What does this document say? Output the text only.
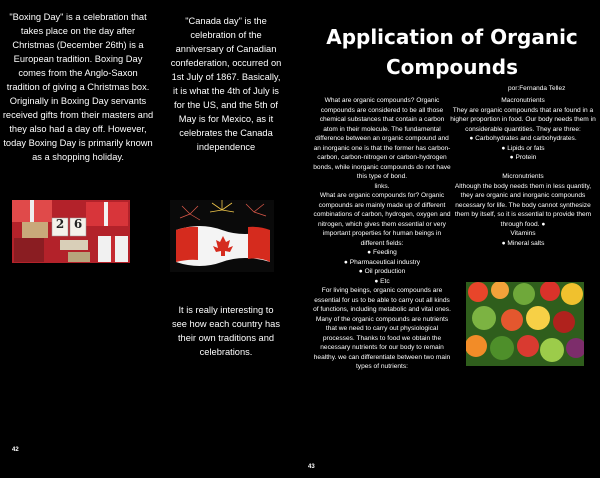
"Boxing Day" is a celebration that takes place on the day after Christmas (December 26th) is a European tradition. Boxing Day comes from the Anglo-Saxon tradition of giving a Christmas box. Originally in Boxing Day servants received gifts from their masters and they also had a day off. However, today Boxing Day is primarily known as a shopping holiday.
2 6
"Canada day" is the celebration of the anniversary of Canadian confederation, occurred on 1st July of 1867. Basically, it is what the 4th of July is for the US, and the 5th of May is for Mexico, as it celebrates the Canada independence
It is really interesting to see how each country has their own traditions and celebrations.
42
Application of Organic Compounds
por:Fernanda Tellez

What are organic compounds? Organic compounds are considered to be all those chemical substances that contain a carbon atom in their molecule. The fundamental difference between an organic compound and an inorganic one is that the former has carbon-carbon, carbon-nitrogen or carbon-hydrogen bonds, while inorganic compounds do not have this type of bond.

links.

What are organic compounds for? Organic compounds are mainly made up of different combinations of carbon, hydrogen, oxygen and nitrogen, which gives them essential or very important properties for human beings in different fields:

● Feeding

● Pharmaceutical industry

● Oil production

● Etc

For living beings, organic compounds are essential for us to be able to carry out all kinds of functions, including metabolic and vital ones.

Many of the organic compounds are nutrients that we need to carry out physiological processes. Thanks to food we obtain the necessary nutrients for our body to remain healthy. we can differentiate between two main types of nutrients:

Macronutrients

They are organic compounds that are found in a higher proportion in food. Our body needs them in considerable quantities. They are three:

● Carbohydrates and carbohydrates.

● Lipids or fats

● Protein

Micronutrients

Although the body needs them in less quantity, they are organic and inorganic compounds necessary for life. The body cannot synthesize them by itself, so it is essential to provide them through food. ●

Vitamins

● Mineral salts

43
